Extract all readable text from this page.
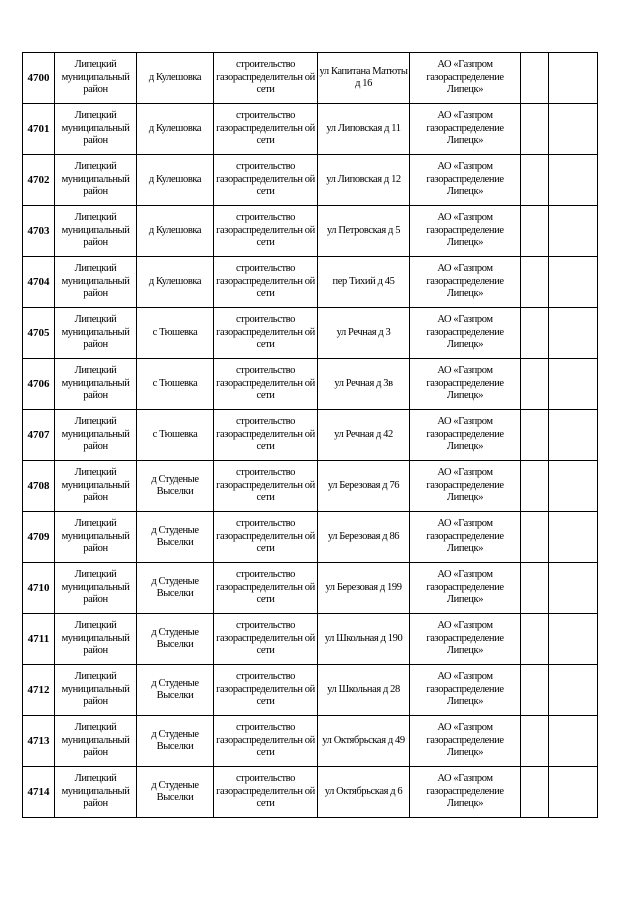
4700	Липецкий муниципальный район	д Кулешовка	строительство газораспределительн ой сети	ул Капитана Матюты д 16	АО «Газпром газораспределение Липецк»		
4701	Липецкий муниципальный район	д Кулешовка	строительство газораспределительн ой сети	ул Липовская д 11	АО «Газпром газораспределение Липецк»		
4702	Липецкий муниципальный район	д Кулешовка	строительство газораспределительн ой сети	ул Липовская д 12	АО «Газпром газораспределение Липецк»		
4703	Липецкий муниципальный район	д Кулешовка	строительство газораспределительн ой сети	ул Петровская д 5	АО «Газпром газораспределение Липецк»		
4704	Липецкий муниципальный район	д Кулешовка	строительство газораспределительн ой сети	пер Тихий д 45	АО «Газпром газораспределение Липецк»		
4705	Липецкий муниципальный район	с Тюшевка	строительство газораспределительн ой сети	ул Речная д 3	АО «Газпром газораспределение Липецк»		
4706	Липецкий муниципальный район	с Тюшевка	строительство газораспределительн ой сети	ул Речная д 3в	АО «Газпром газораспределение Липецк»		
4707	Липецкий муниципальный район	с Тюшевка	строительство газораспределительн ой сети	ул Речная д 42	АО «Газпром газораспределение Липецк»		
4708	Липецкий муниципальный район	д Студеные Выселки	строительство газораспределительн ой сети	ул Березовая д 76	АО «Газпром газораспределение Липецк»		
4709	Липецкий муниципальный район	д Студеные Выселки	строительство газораспределительн ой сети	ул Березовая д 86	АО «Газпром газораспределение Липецк»		
4710	Липецкий муниципальный район	д Студеные Выселки	строительство газораспределительн ой сети	ул Березовая д 199	АО «Газпром газораспределение Липецк»		
4711	Липецкий муниципальный район	д Студеные Выселки	строительство газораспределительн ой сети	ул Школьная д 190	АО «Газпром газораспределение Липецк»		
4712	Липецкий муниципальный район	д Студеные Выселки	строительство газораспределительн ой сети	ул Школьная д 28	АО «Газпром газораспределение Липецк»		
4713	Липецкий муниципальный район	д Студеные Выселки	строительство газораспределительн ой сети	ул Октябрьская д 49	АО «Газпром газораспределение Липецк»		
4714	Липецкий муниципальный район	д Студеные Выселки	строительство газораспределительн ой сети	ул Октябрьская д 6	АО «Газпром газораспределение Липецк»		
